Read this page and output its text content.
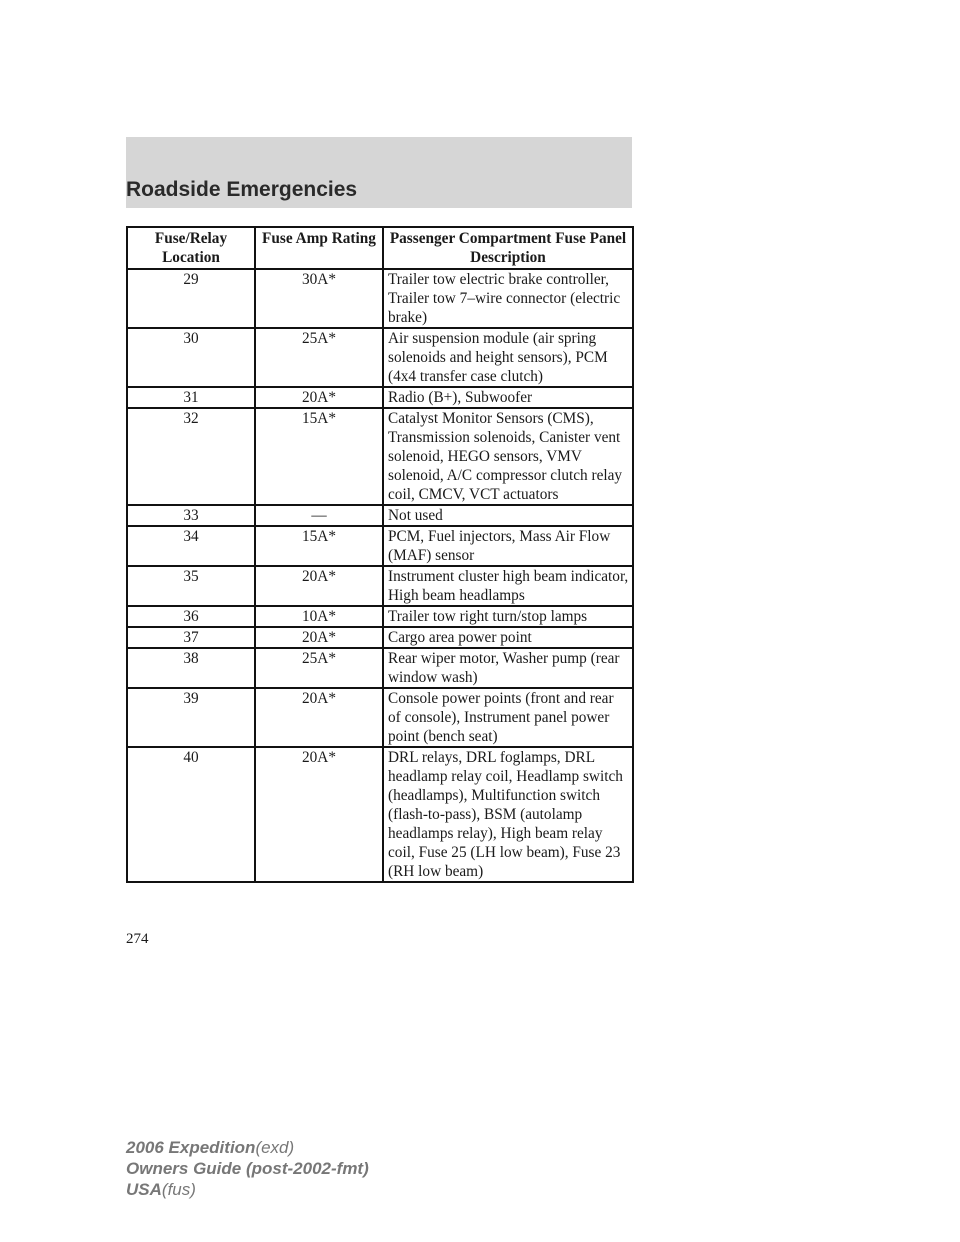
Roadside Emergencies
Fuse/Relay Location	Fuse Amp Rating	Passenger Compartment Fuse Panel Description
29	30A*	Trailer tow electric brake controller, Trailer tow 7–wire connector (electric brake)
30	25A*	Air suspension module (air spring solenoids and height sensors), PCM (4x4 transfer case clutch)
31	20A*	Radio (B+), Subwoofer
32	15A*	Catalyst Monitor Sensors (CMS), Transmission solenoids, Canister vent solenoid, HEGO sensors, VMV solenoid, A/C compressor clutch relay coil, CMCV, VCT actuators
33	—	Not used
34	15A*	PCM, Fuel injectors, Mass Air Flow (MAF) sensor
35	20A*	Instrument cluster high beam indicator, High beam headlamps
36	10A*	Trailer tow right turn/stop lamps
37	20A*	Cargo area power point
38	25A*	Rear wiper motor, Washer pump (rear window wash)
39	20A*	Console power points (front and rear of console), Instrument panel power point (bench seat)
40	20A*	DRL relays, DRL foglamps, DRL headlamp relay coil, Headlamp switch (headlamps), Multifunction switch (flash-to-pass), BSM (autolamp headlamps relay), High beam relay coil, Fuse 25 (LH low beam), Fuse 23 (RH low beam)
274
2006 Expedition(exd)
Owners Guide (post-2002-fmt)
USA(fus)
